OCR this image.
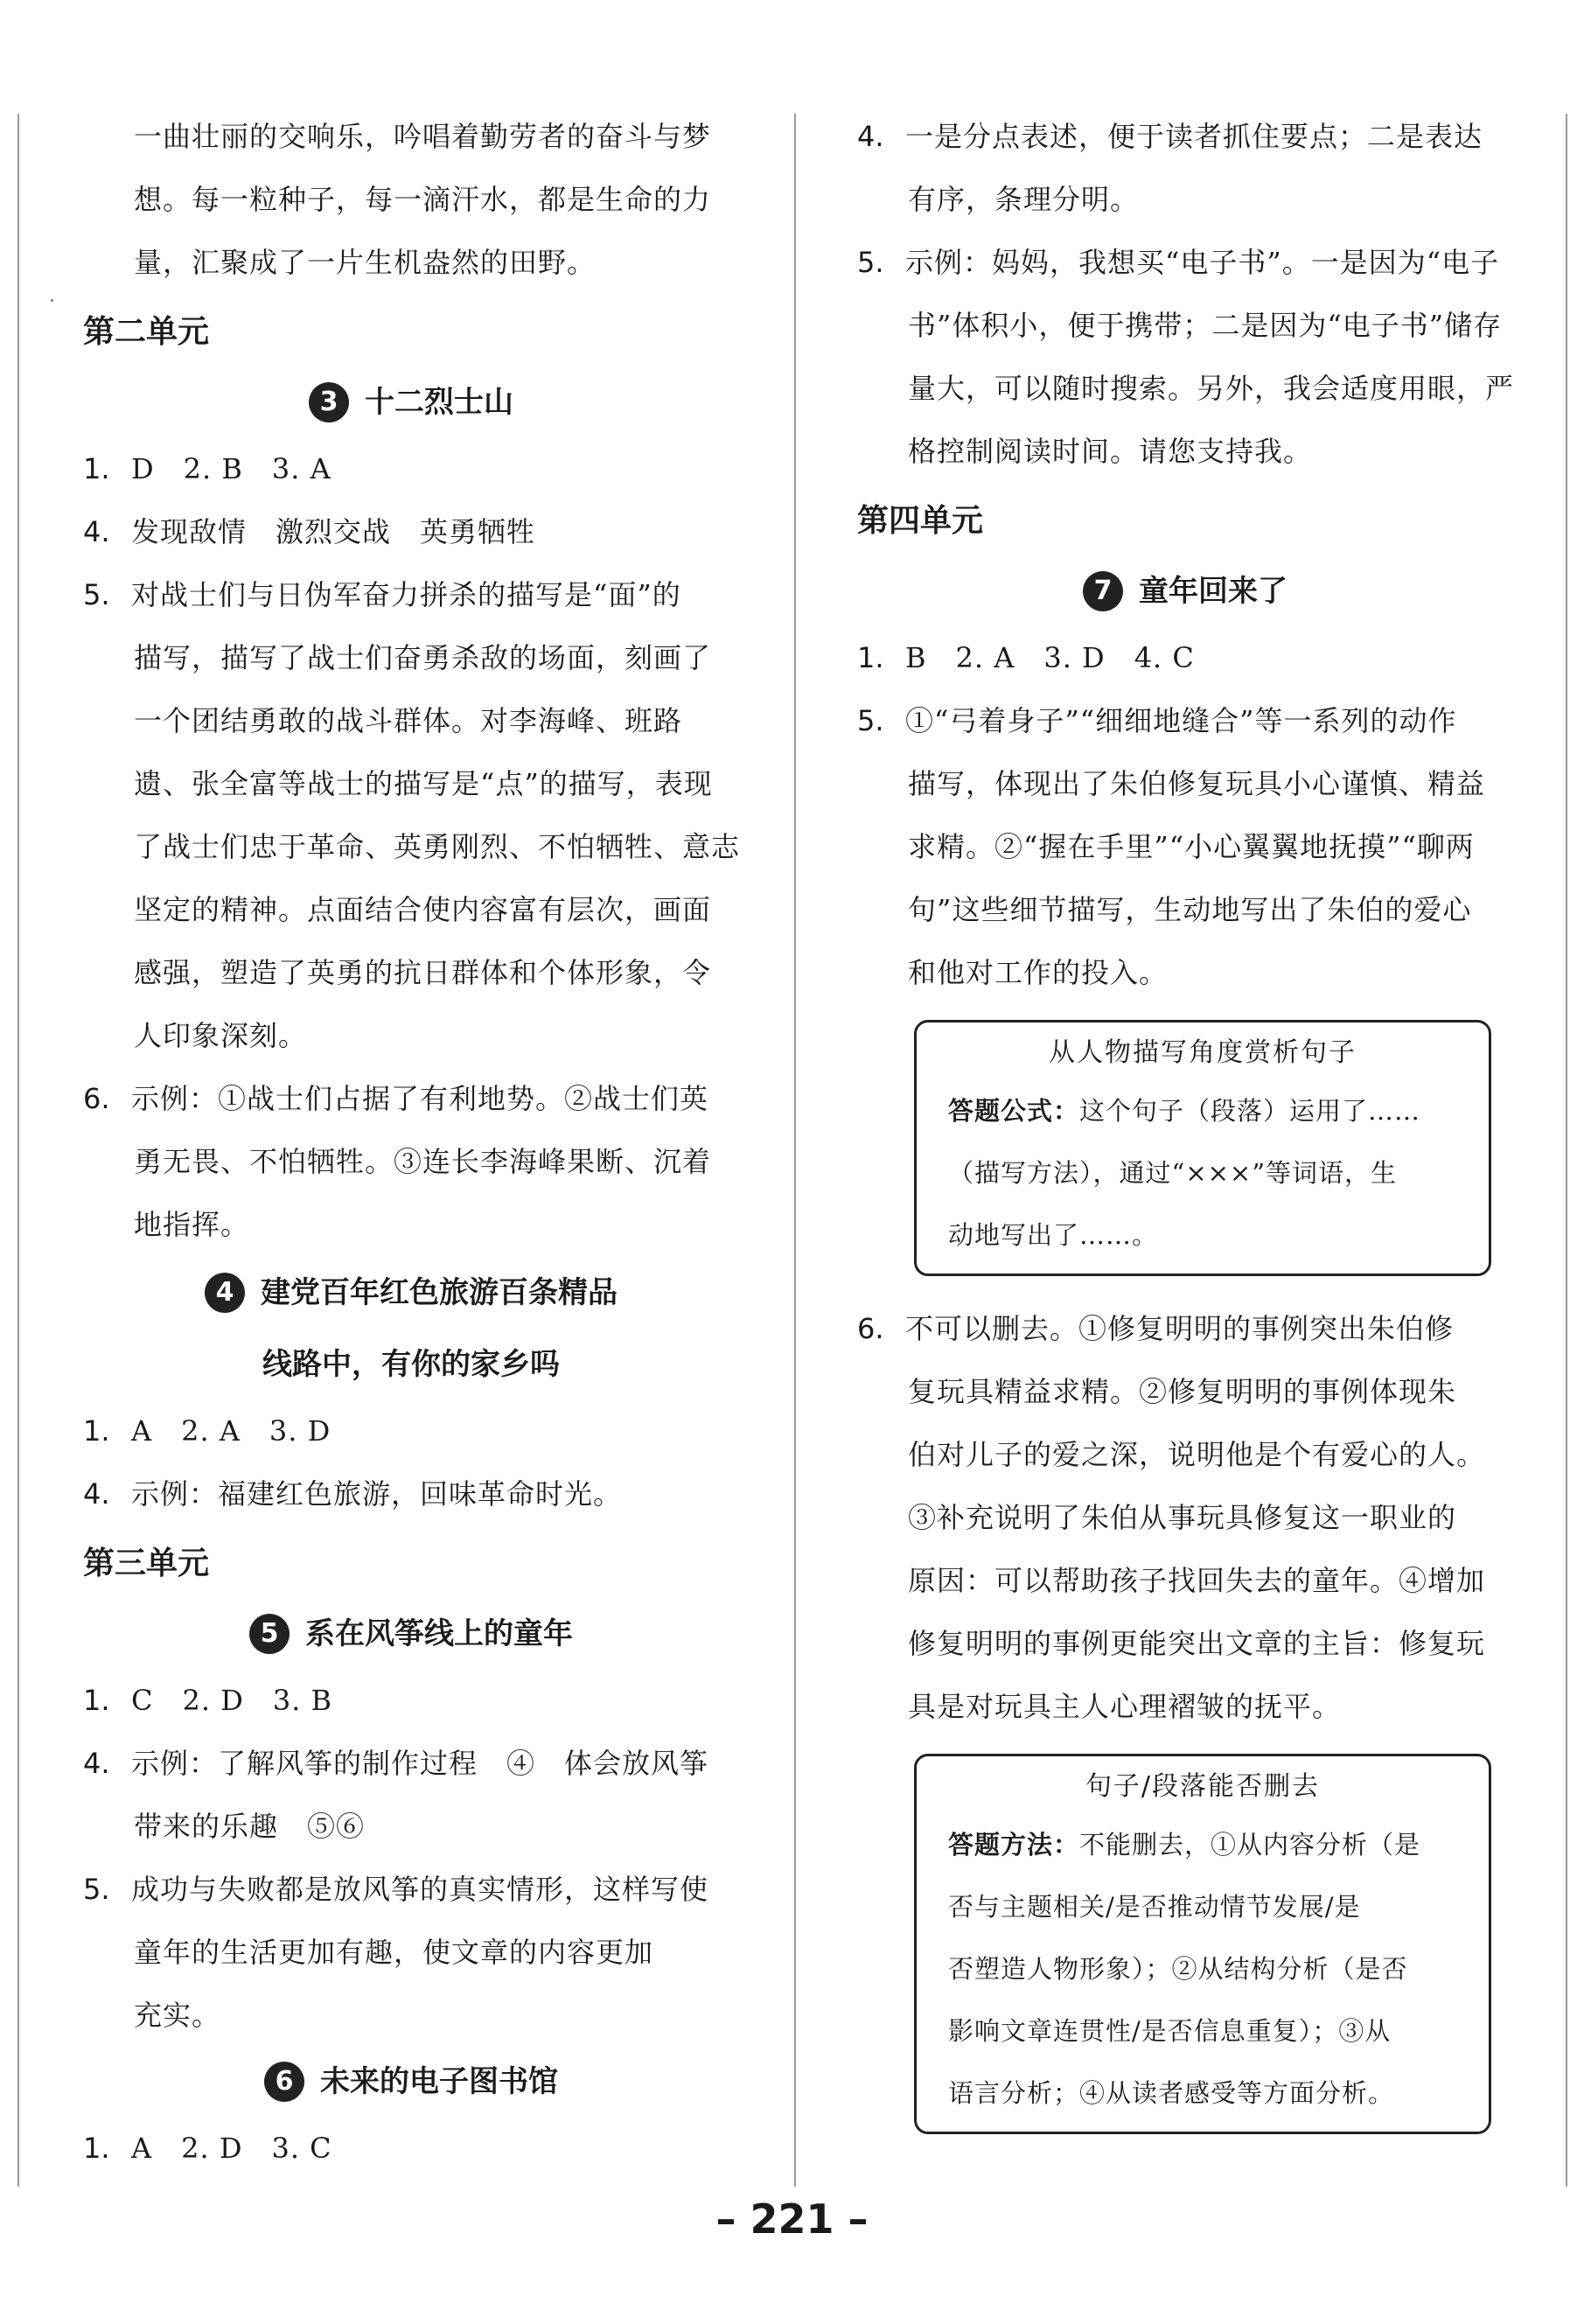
一曲壮丽的交响乐，吟唱着勤劳者的奋斗与梦

想。每一粒种子，每一滴汗水，都是生命的力

量，汇聚成了一片生机盎然的田野。

第二单元

3 十二烈士山

1. D　2. B　3. A

4. 发现敌情　激烈交战　英勇牺牲

5. 对战士们与日伪军奋力拼杀的描写是“面”的

描写，描写了战士们奋勇杀敌的场面，刻画了

一个团结勇敢的战斗群体。对李海峰、班路

遗、张全富等战士的描写是“点”的描写，表现

了战士们忠于革命、英勇刚烈、不怕牺牲、意志

坚定的精神。点面结合使内容富有层次，画面

感强，塑造了英勇的抗日群体和个体形象，令

人印象深刻。

6. 示例：①战士们占据了有利地势。②战士们英

勇无畏、不怕牺牲。③连长李海峰果断、沉着

地指挥。

4 建党百年红色旅游百条精品

线路中，有你的家乡吗

1. A　2. A　3. D

4. 示例：福建红色旅游，回味革命时光。

第三单元

5 系在风筝线上的童年

1. C　2. D　3. B

4. 示例：了解风筝的制作过程　④　体会放风筝

带来的乐趣　⑤⑥

5. 成功与失败都是放风筝的真实情形，这样写使

童年的生活更加有趣，使文章的内容更加

充实。

6 未来的电子图书馆

1. A　2. D　3. C

4. 一是分点表述，便于读者抓住要点；二是表达

有序，条理分明。

5. 示例：妈妈，我想买“电子书”。一是因为“电子

书”体积小，便于携带；二是因为“电子书”储存

量大，可以随时搜索。另外，我会适度用眼，严

格控制阅读时间。请您支持我。

第四单元

7 童年回来了

1. B　2. A　3. D　4. C

5. ①“弓着身子”“细细地缝合”等一系列的动作

描写，体现出了朱伯修复玩具小心谨慎、精益

求精。②“握在手里”“小心翼翼地抚摸”“聊两

句”这些细节描写，生动地写出了朱伯的爱心

和他对工作的投入。

从人物描写角度赏析句子
答题公式：这个句子（段落）运用了……
（描写方法），通过“×××”等词语，生
动地写出了……。

6. 不可以删去。①修复明明的事例突出朱伯修

复玩具精益求精。②修复明明的事例体现朱

伯对儿子的爱之深，说明他是个有爱心的人。

③补充说明了朱伯从事玩具修复这一职业的

原因：可以帮助孩子找回失去的童年。④增加

修复明明的事例更能突出文章的主旨：修复玩

具是对玩具主人心理褶皱的抚平。

句子/段落能否删去
答题方法：不能删去，①从内容分析（是
否与主题相关/是否推动情节发展/是
否塑造人物形象）；②从结构分析（是否
影响文章连贯性/是否信息重复）；③从
语言分析；④从读者感受等方面分析。
– 221 –
